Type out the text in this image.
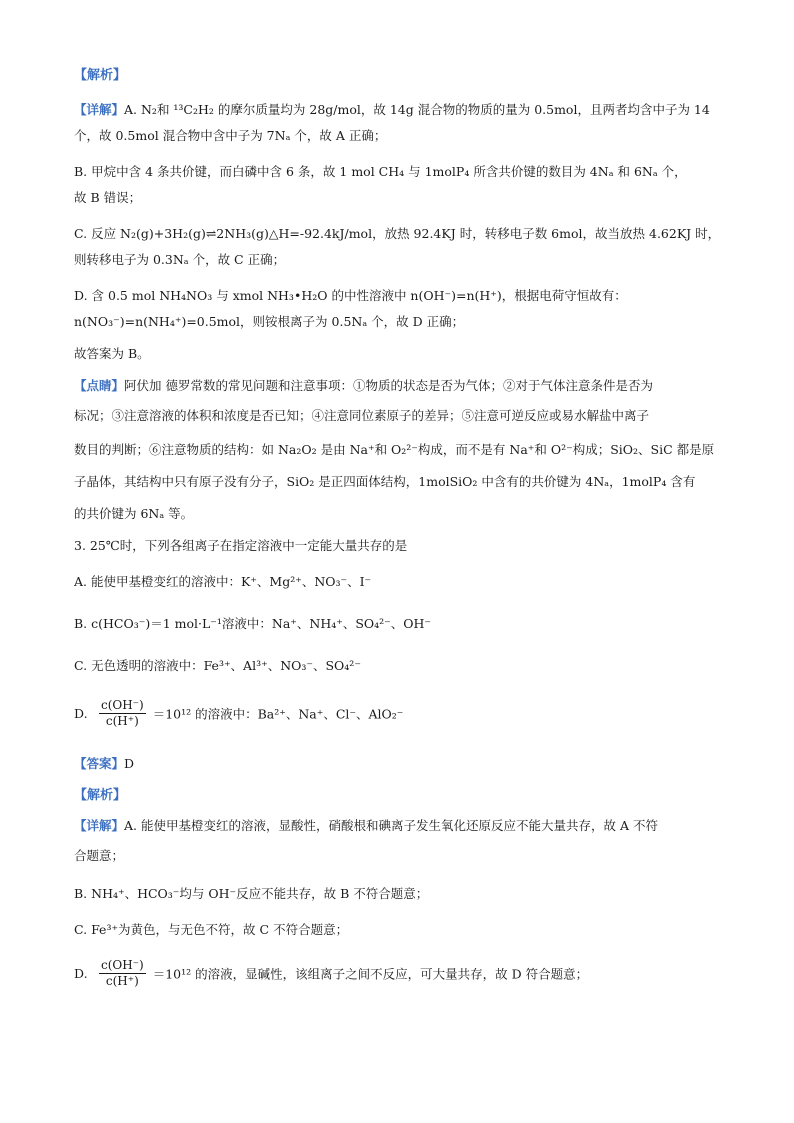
【解析】
【详解】A. N₂和 ¹³C₂H₂ 的摩尔质量均为 28g/mol，故 14g 混合物的物质的量为 0.5mol，且两者均含中子为 14
个，故 0.5mol 混合物中含中子为 7Nₐ 个，故 A 正确；
B. 甲烷中含 4 条共价键，而白磷中含 6 条，故 1 mol CH₄ 与 1molP₄ 所含共价键的数目为 4Nₐ 和 6Nₐ 个，
故 B 错误；
C. 反应 N₂(g)+3H₂(g)⇌2NH₃(g)△H=-92.4kJ/mol，放热 92.4KJ 时，转移电子数 6mol，故当放热 4.62KJ 时，
则转移电子为 0.3Nₐ 个，故 C 正确；
D. 含 0.5 mol NH₄NO₃ 与 xmol NH₃•H₂O 的中性溶液中 n(OH⁻)=n(H⁺)，根据电荷守恒故有：
n(NO₃⁻)=n(NH₄⁺)=0.5mol，则铵根离子为 0.5Nₐ 个，故 D 正确；
故答案为 B。
【点睛】阿伏加 德罗常数的常见问题和注意事项：①物质的状态是否为气体；②对于气体注意条件是否为
标况；③注意溶液的体积和浓度是否已知；④注意同位素原子的差异；⑤注意可逆反应或易水解盐中离子
数目的判断；⑥注意物质的结构：如 Na₂O₂ 是由 Na⁺和 O₂²⁻构成，而不是有 Na⁺和 O²⁻构成；SiO₂、SiC 都是原
子晶体，其结构中只有原子没有分子，SiO₂ 是正四面体结构，1molSiO₂ 中含有的共价键为 4Nₐ，1molP₄ 含有
的共价键为 6Nₐ 等。
3. 25℃时，下列各组离子在指定溶液中一定能大量共存的是
A. 能使甲基橙变红的溶液中：K⁺、Mg²⁺、NO₃⁻、I⁻
B. c(HCO₃⁻)＝1 mol·L⁻¹溶液中：Na⁺、NH₄⁺、SO₄²⁻、OH⁻
C. 无色透明的溶液中：Fe³⁺、Al³⁺、NO₃⁻、SO₄²⁻
D. $\frac{c(OH^-)}{c(H^+)} =10^{12}$ 的溶液中：Ba²⁺、Na⁺、Cl⁻、AlO₂⁻
【答案】D
【解析】
【详解】A. 能使甲基橙变红的溶液，显酸性，硝酸根和碘离子发生氧化还原反应不能大量共存，故 A 不符
合题意；
B. NH₄⁺、HCO₃⁻均与 OH⁻反应不能共存，故 B 不符合题意；
C. Fe³⁺为黄色，与无色不符，故 C 不符合题意；
D. $\frac{c(OH^-)}{c(H^+)} =10^{12}$ 的溶液，显碱性，该组离子之间不反应，可大量共存，故 D 符合题意；
